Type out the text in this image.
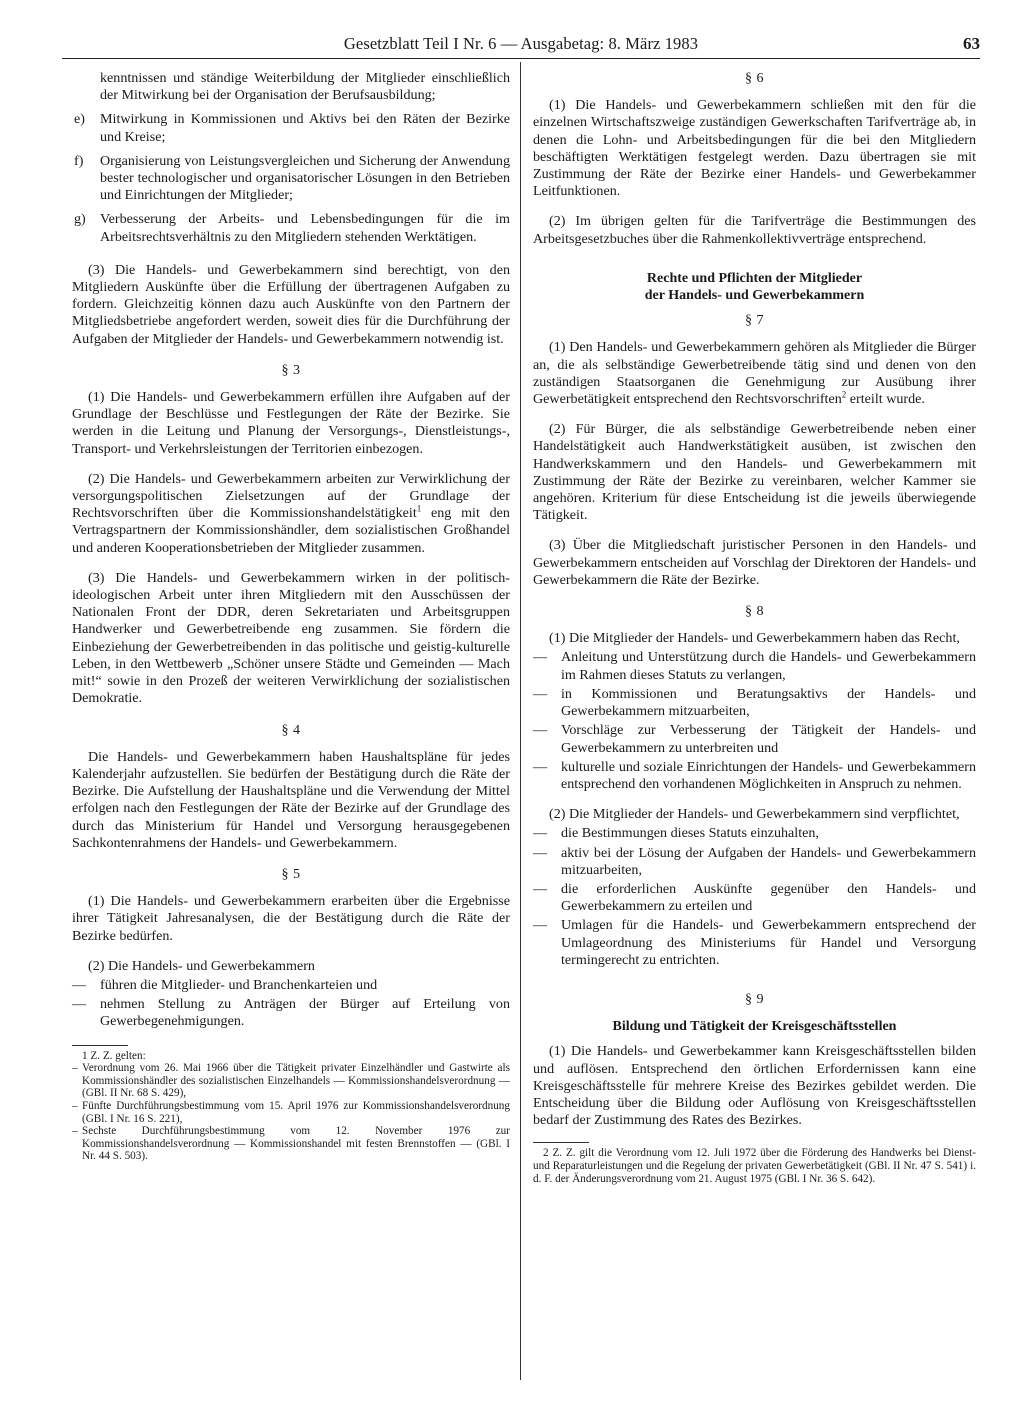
Gesetzblatt Teil I Nr. 6 — Ausgabetag: 8. März 1983	63

kenntnissen und ständige Weiterbildung der Mitglieder einschließlich der Mitwirkung bei der Organisation der Berufsausbildung;

e) Mitwirkung in Kommissionen und Aktivs bei den Räten der Bezirke und Kreise;
f) Organisierung von Leistungsvergleichen und Sicherung der Anwendung bester technologischer und organisatorischer Lösungen in den Betrieben und Einrichtungen der Mitglieder;
g) Verbesserung der Arbeits- und Lebensbedingungen für die im Arbeitsrechtsverhältnis zu den Mitgliedern stehenden Werktätigen.

(3) Die Handels- und Gewerbekammern sind berechtigt, von den Mitgliedern Auskünfte über die Erfüllung der übertragenen Aufgaben zu fordern. Gleichzeitig können dazu auch Auskünfte von den Partnern der Mitgliedsbetriebe angefordert werden, soweit dies für die Durchführung der Aufgaben der Mitglieder der Handels- und Gewerbekammern notwendig ist.

§ 3

(1) Die Handels- und Gewerbekammern erfüllen ihre Aufgaben auf der Grundlage der Beschlüsse und Festlegungen der Räte der Bezirke. Sie werden in die Leitung und Planung der Versorgungs-, Dienstleistungs-, Transport- und Verkehrsleistungen der Territorien einbezogen.

(2) Die Handels- und Gewerbekammern arbeiten zur Verwirklichung der versorgungspolitischen Zielsetzungen auf der Grundlage der Rechtsvorschriften über die Kommissionshandelstätigkeit$^1$ eng mit den Vertragspartnern der Kommissionshändler, dem sozialistischen Großhandel und anderen Kooperationsbetrieben der Mitglieder zusammen.

(3) Die Handels- und Gewerbekammern wirken in der politisch-ideologischen Arbeit unter ihren Mitgliedern mit den Ausschüssen der Nationalen Front der DDR, deren Sekretariaten und Arbeitsgruppen Handwerker und Gewerbetreibende eng zusammen. Sie fördern die Einbeziehung der Gewerbetreibenden in das politische und geistig-kulturelle Leben, in den Wettbewerb „Schöner unsere Städte und Gemeinden — Mach mit!“ sowie in den Prozeß der weiteren Verwirklichung der sozialistischen Demokratie.

§ 4

Die Handels- und Gewerbekammern haben Haushaltspläne für jedes Kalenderjahr aufzustellen. Sie bedürfen der Bestätigung durch die Räte der Bezirke. Die Aufstellung der Haushaltspläne und die Verwendung der Mittel erfolgen nach den Festlegungen der Räte der Bezirke auf der Grundlage des durch das Ministerium für Handel und Versorgung herausgegebenen Sachkontenrahmens der Handels- und Gewerbekammern.

§ 5

(1) Die Handels- und Gewerbekammern erarbeiten über die Ergebnisse ihrer Tätigkeit Jahresanalysen, die der Bestätigung durch die Räte der Bezirke bedürfen.

(2) Die Handels- und Gewerbekammern

— führen die Mitglieder- und Branchenkarteien und
— nehmen Stellung zu Anträgen der Bürger auf Erteilung von Gewerbegenehmigungen.
1 Z. Z. gelten:
– Verordnung vom 26. Mai 1966 über die Tätigkeit privater Einzelhändler und Gastwirte als Kommissionshändler des sozialistischen Einzelhandels — Kommissionshandelsverordnung — (GBl. II Nr. 68 S. 429),
– Fünfte Durchführungsbestimmung vom 15. April 1976 zur Kommissionshandelsverordnung (GBl. I Nr. 16 S. 221),
– Sechste Durchführungsbestimmung vom 12. November 1976 zur Kommissionshandelsverordnung — Kommissionshandel mit festen Brennstoffen — (GBl. I Nr. 44 S. 503).
§ 6

(1) Die Handels- und Gewerbekammern schließen mit den für die einzelnen Wirtschaftszweige zuständigen Gewerkschaften Tarifverträge ab, in denen die Lohn- und Arbeitsbedingungen für die bei den Mitgliedern beschäftigten Werktätigen festgelegt werden. Dazu übertragen sie mit Zustimmung der Räte der Bezirke einer Handels- und Gewerbekammer Leitfunktionen.

(2) Im übrigen gelten für die Tarifverträge die Bestimmungen des Arbeitsgesetzbuches über die Rahmenkollektivverträge entsprechend.

Rechte und Pflichten der Mitglieder
der Handels- und Gewerbekammern
§ 7

(1) Den Handels- und Gewerbekammern gehören als Mitglieder die Bürger an, die als selbständige Gewerbetreibende tätig sind und denen von den zuständigen Staatsorganen die Genehmigung zur Ausübung ihrer Gewerbetätigkeit entsprechend den Rechtsvorschriften$^2$ erteilt wurde.

(2) Für Bürger, die als selbständige Gewerbetreibende neben einer Handelstätigkeit auch Handwerkstätigkeit ausüben, ist zwischen den Handwerkskammern und den Handels- und Gewerbekammern mit Zustimmung der Räte der Bezirke zu vereinbaren, welcher Kammer sie angehören. Kriterium für diese Entscheidung ist die jeweils überwiegende Tätigkeit.

(3) Über die Mitgliedschaft juristischer Personen in den Handels- und Gewerbekammern entscheiden auf Vorschlag der Direktoren der Handels- und Gewerbekammern die Räte der Bezirke.

§ 8

(1) Die Mitglieder der Handels- und Gewerbekammern haben das Recht,

— Anleitung und Unterstützung durch die Handels- und Gewerbekammern im Rahmen dieses Statuts zu verlangen,
— in Kommissionen und Beratungsaktivs der Handels- und Gewerbekammern mitzuarbeiten,
— Vorschläge zur Verbesserung der Tätigkeit der Handels- und Gewerbekammern zu unterbreiten und
— kulturelle und soziale Einrichtungen der Handels- und Gewerbekammern entsprechend den vorhandenen Möglichkeiten in Anspruch zu nehmen.

(2) Die Mitglieder der Handels- und Gewerbekammern sind verpflichtet,

— die Bestimmungen dieses Statuts einzuhalten,
— aktiv bei der Lösung der Aufgaben der Handels- und Gewerbekammern mitzuarbeiten,
— die erforderlichen Auskünfte gegenüber den Handels- und Gewerbekammern zu erteilen und
— Umlagen für die Handels- und Gewerbekammern entsprechend der Umlageordnung des Ministeriums für Handel und Versorgung termingerecht zu entrichten.
§ 9
Bildung und Tätigkeit der Kreisgeschäftsstellen

(1) Die Handels- und Gewerbekammer kann Kreisgeschäftsstellen bilden und auflösen. Entsprechend den örtlichen Erfordernissen kann eine Kreisgeschäftsstelle für mehrere Kreise des Bezirkes gebildet werden. Die Entscheidung über die Bildung oder Auflösung von Kreisgeschäftsstellen bedarf der Zustimmung des Rates des Bezirkes.

2 Z. Z. gilt die Verordnung vom 12. Juli 1972 über die Förderung des Handwerks bei Dienst- und Reparaturleistungen und die Regelung der privaten Gewerbetätigkeit (GBl. II Nr. 47 S. 541) i. d. F. der Änderungsverordnung vom 21. August 1975 (GBl. I Nr. 36 S. 642).
